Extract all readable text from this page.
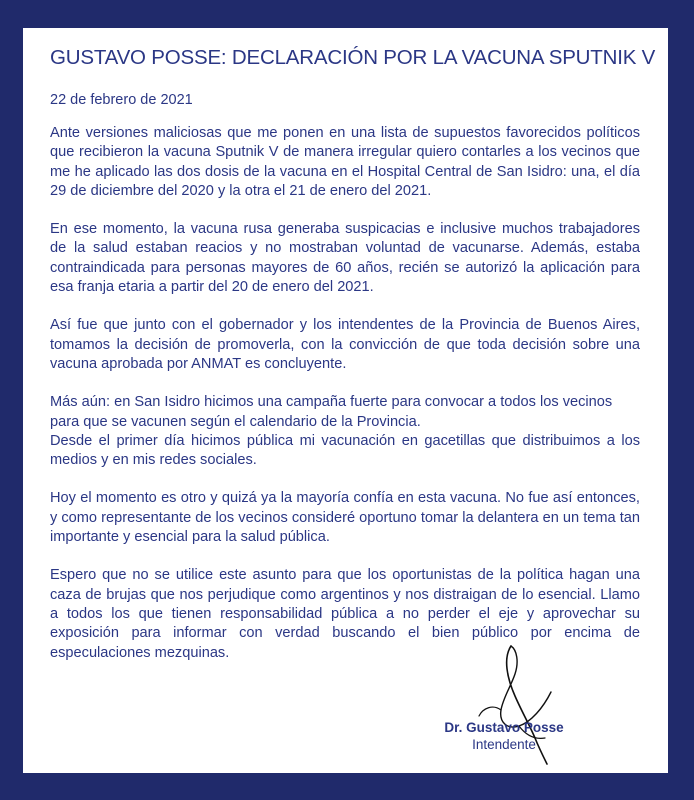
GUSTAVO POSSE: DECLARACIÓN POR LA VACUNA SPUTNIK V
22 de febrero de 2021

Ante versiones maliciosas que me ponen en una lista de supuestos favorecidos políticos que recibieron la vacuna Sputnik V de manera irregular quiero contarles a los vecinos que me he aplicado las dos dosis de la vacuna en el Hospital Central de San Isidro: una, el día 29 de diciembre del 2020 y la otra el 21 de enero del 2021.

En ese momento, la vacuna rusa generaba suspicacias e inclusive muchos trabajadores de la salud estaban reacios y no mostraban voluntad de vacunarse. Además, estaba contraindicada para personas mayores de 60 años, recién se autorizó la aplicación para esa franja etaria a partir del 20 de enero del 2021.

Así fue que junto con el gobernador y los intendentes de la Provincia de Buenos Aires, tomamos la decisión de promoverla, con la convicción de que toda decisión sobre una vacuna aprobada por ANMAT es concluyente.

Más aún: en San Isidro hicimos una campaña fuerte para convocar a todos los vecinos para que se vacunen según el calendario de la Provincia.

Desde el primer día hicimos pública mi vacunación en gacetillas que distribuimos a los medios y en mis redes sociales.

Hoy el momento es otro y quizá ya la mayoría confía en esta vacuna. No fue así entonces, y como representante de los vecinos consideré oportuno tomar la delantera en un tema tan importante y esencial para la salud pública.

Espero que no se utilice este asunto para que los oportunistas de la política hagan una caza de brujas que nos perjudique como argentinos y nos distraigan de lo esencial. Llamo a todos los que tienen responsabilidad pública a no perder el eje y aprovechar su exposición para informar con verdad buscando el bien público por encima de especulaciones mezquinas.

Dr. Gustavo Posse
Intendente
